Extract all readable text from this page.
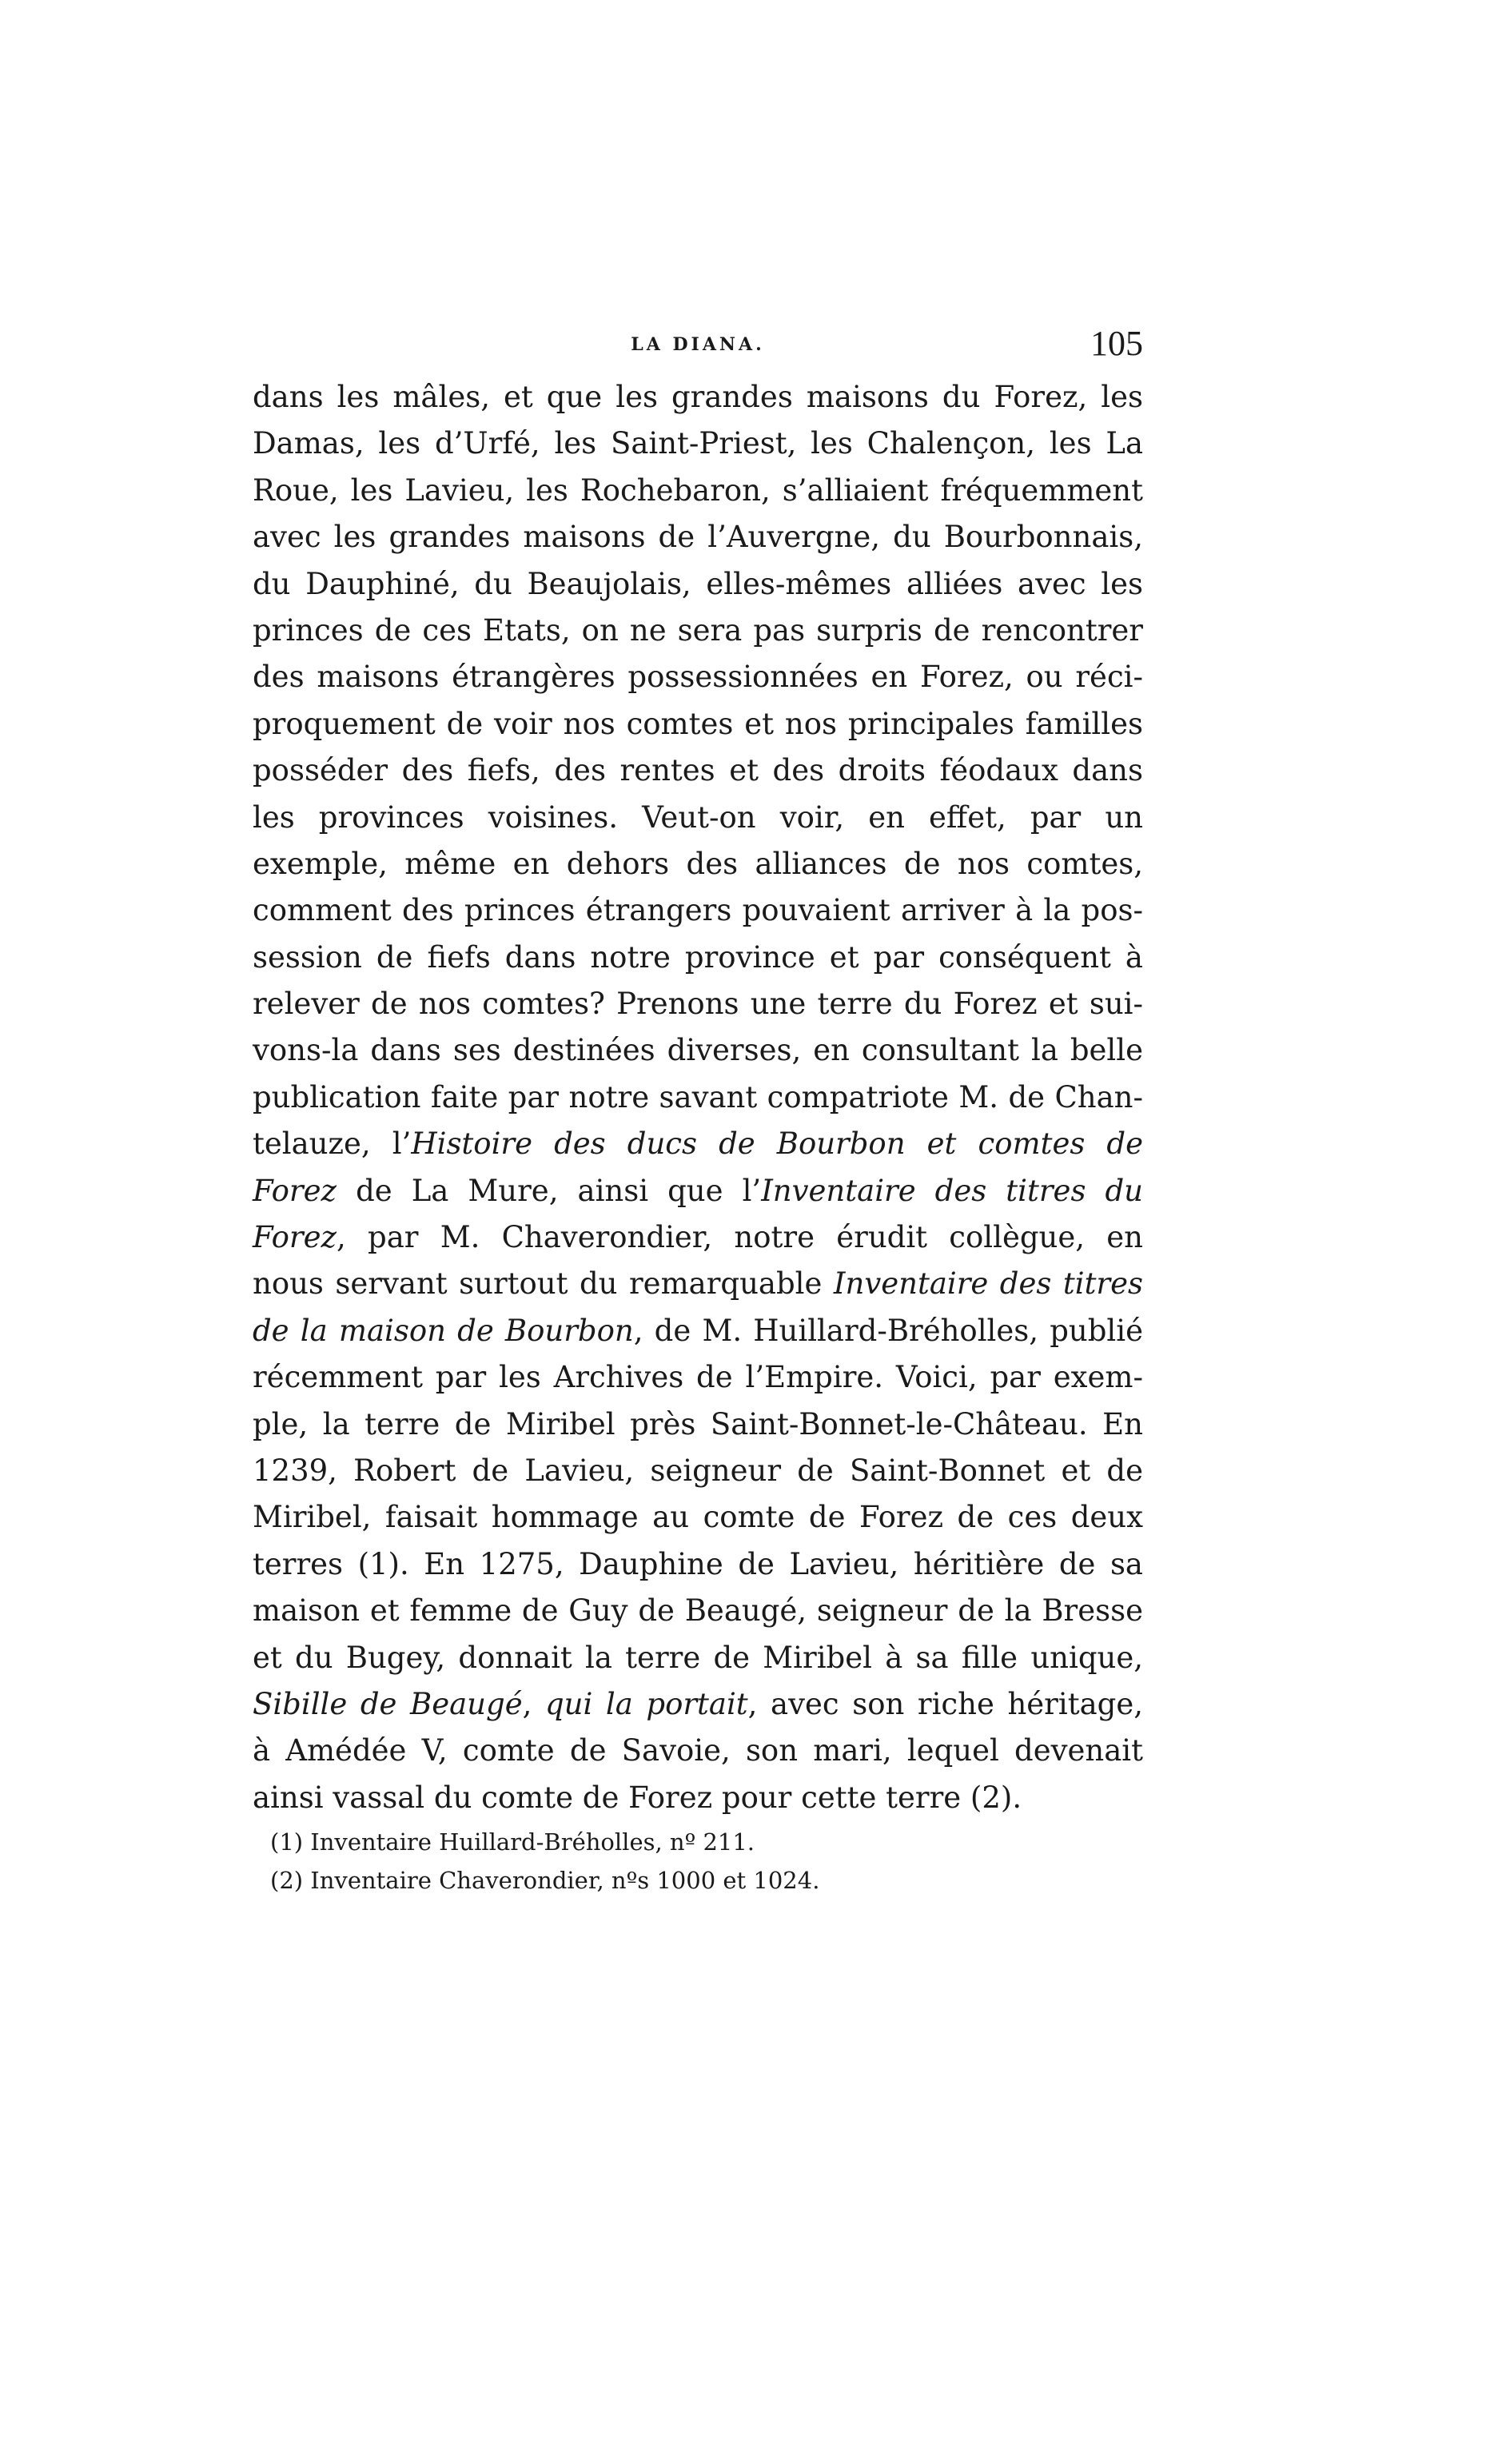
LA DIANA.	105
dans les mâles, et que les grandes maisons du Forez, les
Damas, les d’Urfé, les Saint-Priest, les Chalençon, les La
Roue, les Lavieu, les Rochebaron, s’alliaient fréquemment
avec les grandes maisons de l’Auvergne, du Bourbonnais,
du Dauphiné, du Beaujolais, elles-mêmes alliées avec les
princes de ces Etats, on ne sera pas surpris de rencontrer
des maisons étrangères possessionnées en Forez, ou réci-
proquement de voir nos comtes et nos principales familles
posséder des fiefs, des rentes et des droits féodaux dans
les provinces voisines. Veut-on voir, en effet, par un
exemple, même en dehors des alliances de nos comtes,
comment des princes étrangers pouvaient arriver à la pos-
session de fiefs dans notre province et par conséquent à
relever de nos comtes? Prenons une terre du Forez et sui-
vons-la dans ses destinées diverses, en consultant la belle
publication faite par notre savant compatriote M. de Chan-
telauze, l’Histoire des ducs de Bourbon et comtes de
Forez de La Mure, ainsi que l’Inventaire des titres du
Forez, par M. Chaverondier, notre érudit collègue, en
nous servant surtout du remarquable Inventaire des titres
de la maison de Bourbon, de M. Huillard-Bréholles, publié
récemment par les Archives de l’Empire. Voici, par exem-
ple, la terre de Miribel près Saint-Bonnet-le-Château. En
1239, Robert de Lavieu, seigneur de Saint-Bonnet et de
Miribel, faisait hommage au comte de Forez de ces deux
terres (1). En 1275, Dauphine de Lavieu, héritière de sa
maison et femme de Guy de Beaugé, seigneur de la Bresse
et du Bugey, donnait la terre de Miribel à sa fille unique,
Sibille de Beaugé, qui la portait, avec son riche héritage,
à Amédée V, comte de Savoie, son mari, lequel devenait
ainsi vassal du comte de Forez pour cette terre (2).
(1) Inventaire Huillard-Bréholles, nº 211.
(2) Inventaire Chaverondier, nºs 1000 et 1024.
